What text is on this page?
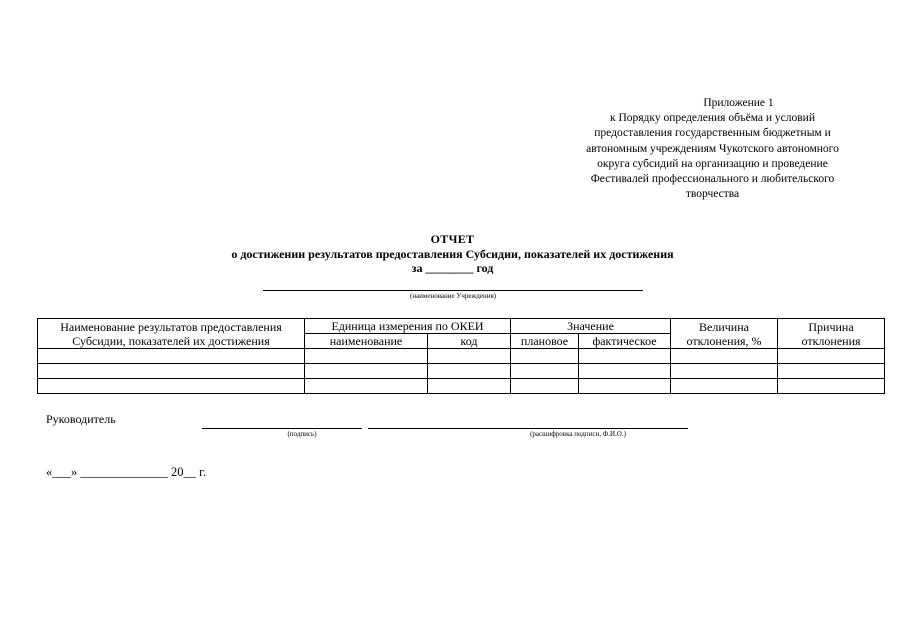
Приложение 1
к Порядку определения объёма и условий
предоставления государственным бюджетным и
автономным учреждениям Чукотского автономного
округа субсидий на организацию и проведение
Фестивалей профессионального и любительского
творчества
ОТЧЕТ
о достижении результатов предоставления Субсидии, показателей их достижения
за ________ год
(наименование Учреждения)
Наименование результатов предоставления Субсидии, показателей их достижения	Единица измерения по ОКЕИ		Значение		Величина отклонения, %	Причина отклонения
	наименование	код	плановое	фактическое		

Руководитель
(подпись)	(расшифровка подписи, Ф.И.О.)
«___» ______________ 20__ г.
